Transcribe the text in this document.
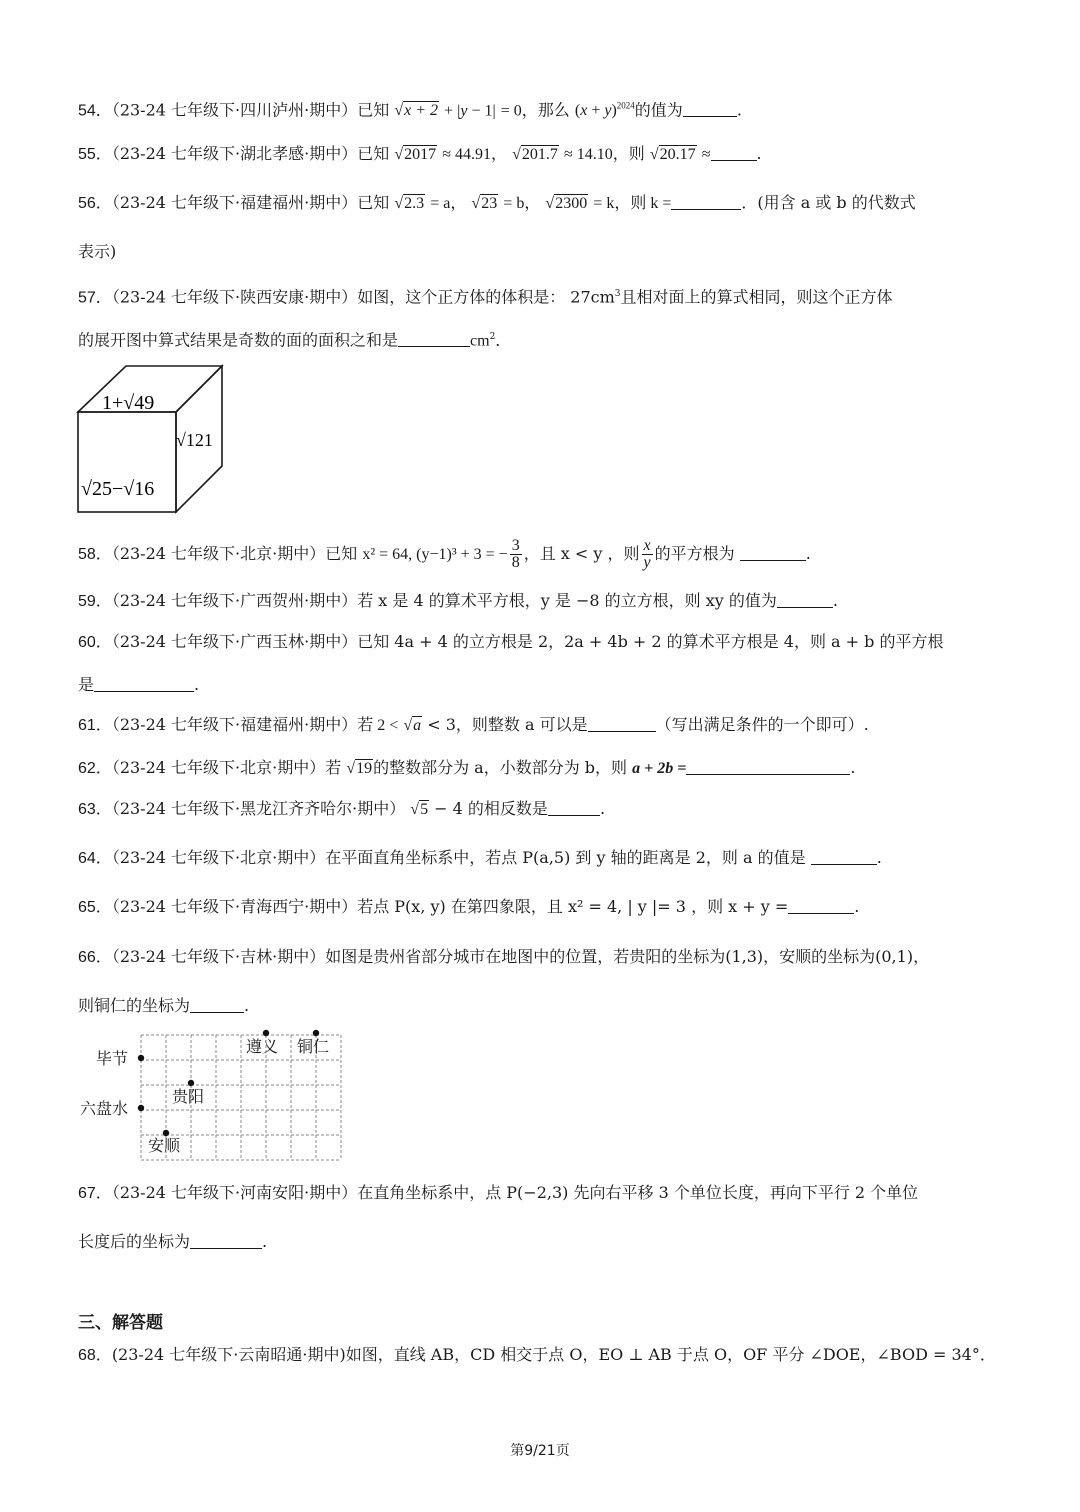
54．（23-24 七年级下·四川泸州·期中）已知 √x + 2 + |y − 1| = 0，那么 $(x + y)^{2024}$的值为	.
55．（23-24 七年级下·湖北孝感·期中）已知 √2017 ≈ 44.91， √201.7 ≈ 14.10，则 √20.17 ≈	.
56．（23-24 七年级下·福建福州·期中）已知 √2.3 = a， √23 = b， √2300 = k，则 k =	．(用含 a 或 b 的代数式
表示)
57．（23-24 七年级下·陕西安康·期中）如图，这个正方体的体积是： $27cm^3$且相对面上的算式相同，则这个正方体
的展开图中算式结果是奇数的面的面积之和是	$cm^2$．
1+√49
√121
√25−√16
58．（23-24 七年级下·北京·期中）已知 x² = 64, (y−1)³ + 3 = − $\frac{3}{8}$ ，且 x < y ，则 $\frac{x}{y}$ 的平方根为	.
59．（23-24 七年级下·广西贺州·期中）若 x 是 4 的算术平方根，y 是 −8 的立方根，则 xy 的值为	.
60．（23-24 七年级下·广西玉林·期中）已知 4a + 4 的立方根是 2，2a + 4b + 2 的算术平方根是 4，则 a + b 的平方根
是	.
61．（23-24 七年级下·福建福州·期中）若 2 < √a < 3，则整数 a 可以是	（写出满足条件的一个即可）.
62．（23-24 七年级下·北京·期中）若 √19的整数部分为 a，小数部分为 b，则 a + 2b =	.
63．（23-24 七年级下·黑龙江齐齐哈尔·期中） √5 − 4 的相反数是	.
64．（23-24 七年级下·北京·期中）在平面直角坐标系中，若点 P(a,5) 到 y 轴的距离是 2，则 a 的值是	.
65．（23-24 七年级下·青海西宁·期中）若点 P(x, y) 在第四象限，且 x² = 4, | y |= 3 ，则 x + y =	.
66．（23-24 七年级下·吉林·期中）如图是贵州省部分城市在地图中的位置，若贵阳的坐标为(1,3)，安顺的坐标为(0,1)，
则铜仁的坐标为	.
毕节
六盘水
贵阳
安顺
遵义 铜仁
67．（23-24 七年级下·河南安阳·期中）在直角坐标系中，点 P(−2,3) 先向右平移 3 个单位长度，再向下平行 2 个单位
长度后的坐标为	.
三、解答题
68．(23-24 七年级下·云南昭通·期中)如图，直线 AB，CD 相交于点 O，EO ⊥ AB 于点 O，OF 平分 ∠DOE，∠BOD = 34°．
第9/21页
